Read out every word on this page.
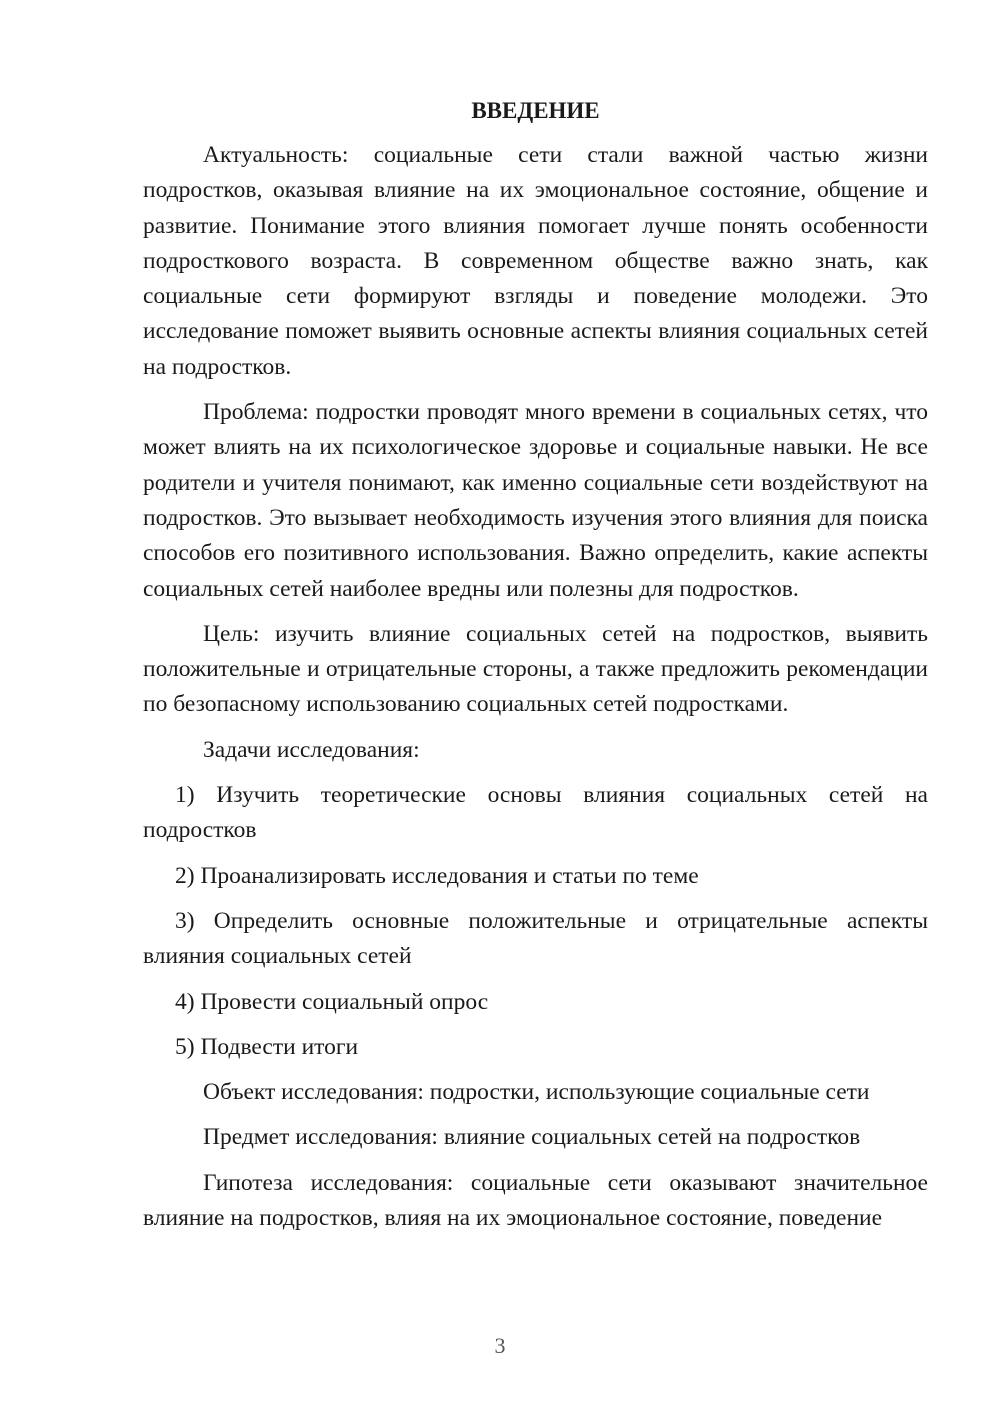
ВВЕДЕНИЕ

Актуальность: социальные сети стали важной частью жизни подростков, оказывая влияние на их эмоциональное состояние, общение и развитие. Понимание этого влияния помогает лучше понять особенности подросткового возраста. В современном обществе важно знать, как социальные сети формируют взгляды и поведение молодежи. Это исследование поможет выявить основные аспекты влияния социальных сетей на подростков.

Проблема: подростки проводят много времени в социальных сетях, что может влиять на их психологическое здоровье и социальные навыки. Не все родители и учителя понимают, как именно социальные сети воздействуют на подростков. Это вызывает необходимость изучения этого влияния для поиска способов его позитивного использования. Важно определить, какие аспекты социальных сетей наиболее вредны или полезны для подростков.

Цель: изучить влияние социальных сетей на подростков, выявить положительные и отрицательные стороны, а также предложить рекомендации по безопасному использованию социальных сетей подростками.

Задачи исследования:

1) Изучить теоретические основы влияния социальных сетей на подростков

2) Проанализировать исследования и статьи по теме

3) Определить основные положительные и отрицательные аспекты влияния социальных сетей

4) Провести социальный опрос

5) Подвести итоги

Объект исследования: подростки, использующие социальные сети

Предмет исследования: влияние социальных сетей на подростков

Гипотеза исследования: социальные сети оказывают значительное влияние на подростков, влияя на их эмоциональное состояние, поведение

3
